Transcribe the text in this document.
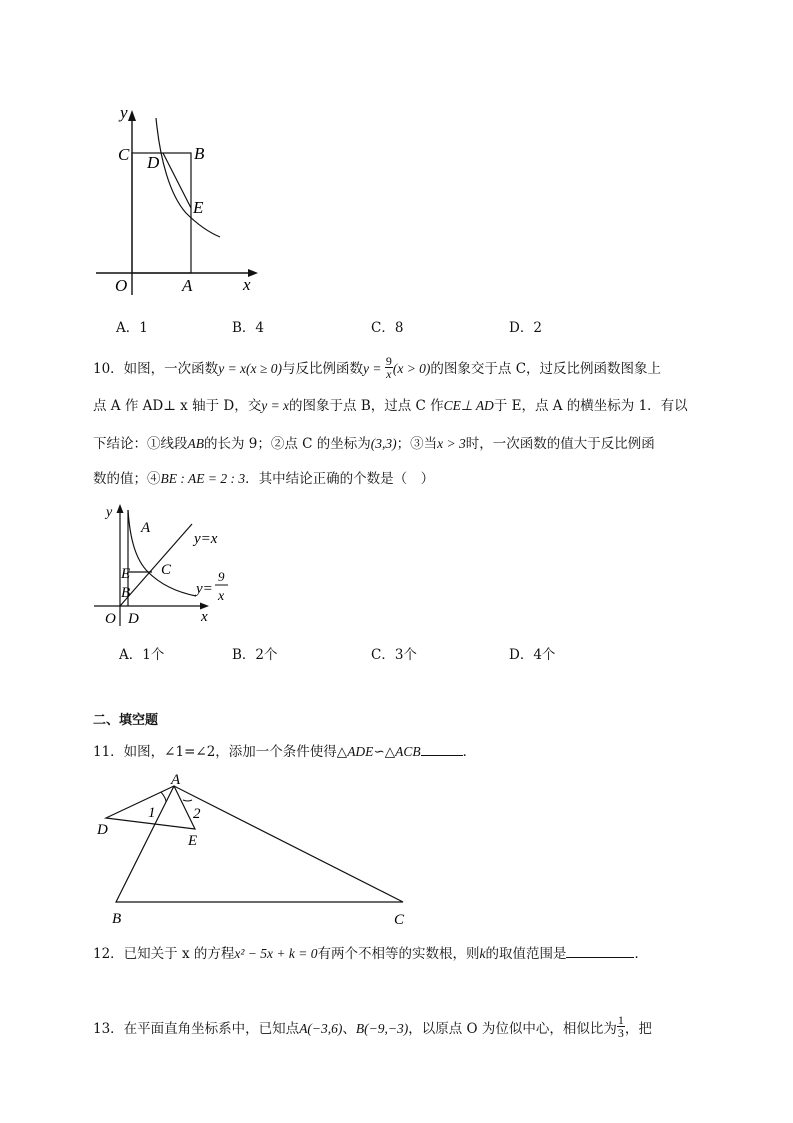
y
C D B
E
O	A	x
A．1	B．4	C．8	D．2
10．如图，一次函数y = x(x ≥ 0)与反比例函数$y = \frac{9}{x} (x > 0)$的图象交于点 C，过反比例函数图象上
点 A 作 AD⊥ x 轴于 D，交y = x的图象于点 B，过点 C 作CE⊥ AD于 E，点 A 的横坐标为 1．有以
下结论：①线段AB的长为 9；②点 C 的坐标为(3,3)；③当x > 3时，一次函数的值大于反比例函
数的值；④BE : AE = 2 : 3．其中结论正确的个数是（　）
y
A
y=x
E C
y=
9
x
B
O D	x
A．1个	B．2个	C．3个	D．4个
二、填空题
11．如图，∠1=∠2，添加一个条件使得△ADE∽△ACB	．
A
1	2
D
E
B	C
12．已知关于 x 的方程x² − 5x + k = 0有两个不相等的实数根，则k的取值范围是	．
13．在平面直角坐标系中，已知点A(−3,6)、B(−9,−3)，以原点 O 为位似中心，相似比为 $\frac{1}{3}$ ，把
